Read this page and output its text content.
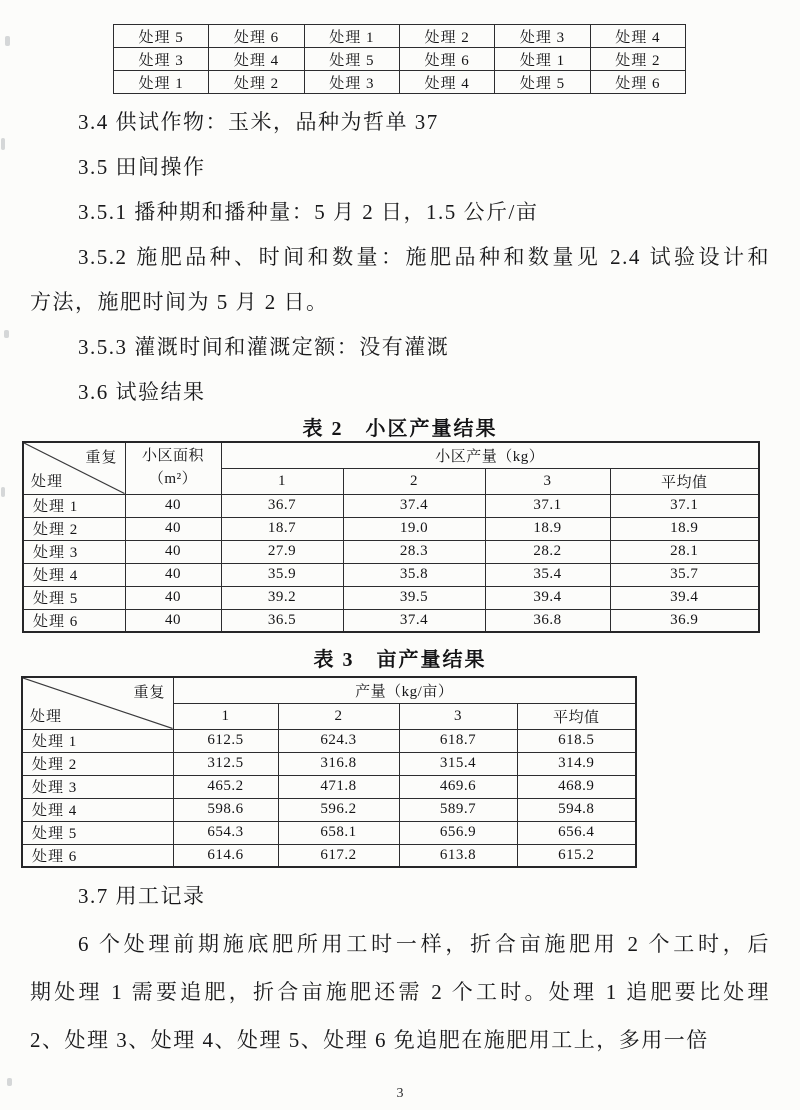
处理 5	处理 6	处理 1	处理 2	处理 3	处理 4
处理 3	处理 4	处理 5	处理 6	处理 1	处理 2
处理 1	处理 2	处理 3	处理 4	处理 5	处理 6

3.4 供试作物：玉米，品种为哲单 37

3.5 田间操作

3.5.1 播种期和播种量：5 月 2 日，1.5 公斤/亩

3.5.2 施肥品种、时间和数量：施肥品种和数量见 2.4 试验设计和

方法，施肥时间为 5 月 2 日。

3.5.3 灌溉时间和灌溉定额：没有灌溉

3.6 试验结果

表 2　小区产量结果
重复
处理	小区面积
（m²）	小区产量（kg）			
		1	2	3	平均值
处理 1	40	36.7	37.4	37.1	37.1
处理 2	40	18.7	19.0	18.9	18.9
处理 3	40	27.9	28.3	28.2	28.1
处理 4	40	35.9	35.8	35.4	35.7
处理 5	40	39.2	39.5	39.4	39.4
处理 6	40	36.5	37.4	36.8	36.9
表 3　亩产量结果
重复
处理	产量（kg/亩）			
	1	2	3	平均值
处理 1	612.5	624.3	618.7	618.5
处理 2	312.5	316.8	315.4	314.9
处理 3	465.2	471.8	469.6	468.9
处理 4	598.6	596.2	589.7	594.8
处理 5	654.3	658.1	656.9	656.4
处理 6	614.6	617.2	613.8	615.2

3.7 用工记录

6 个处理前期施底肥所用工时一样，折合亩施肥用 2 个工时，后

期处理 1 需要追肥，折合亩施肥还需 2 个工时。处理 1 追肥要比处理

2、处理 3、处理 4、处理 5、处理 6 免追肥在施肥用工上，多用一倍

3
